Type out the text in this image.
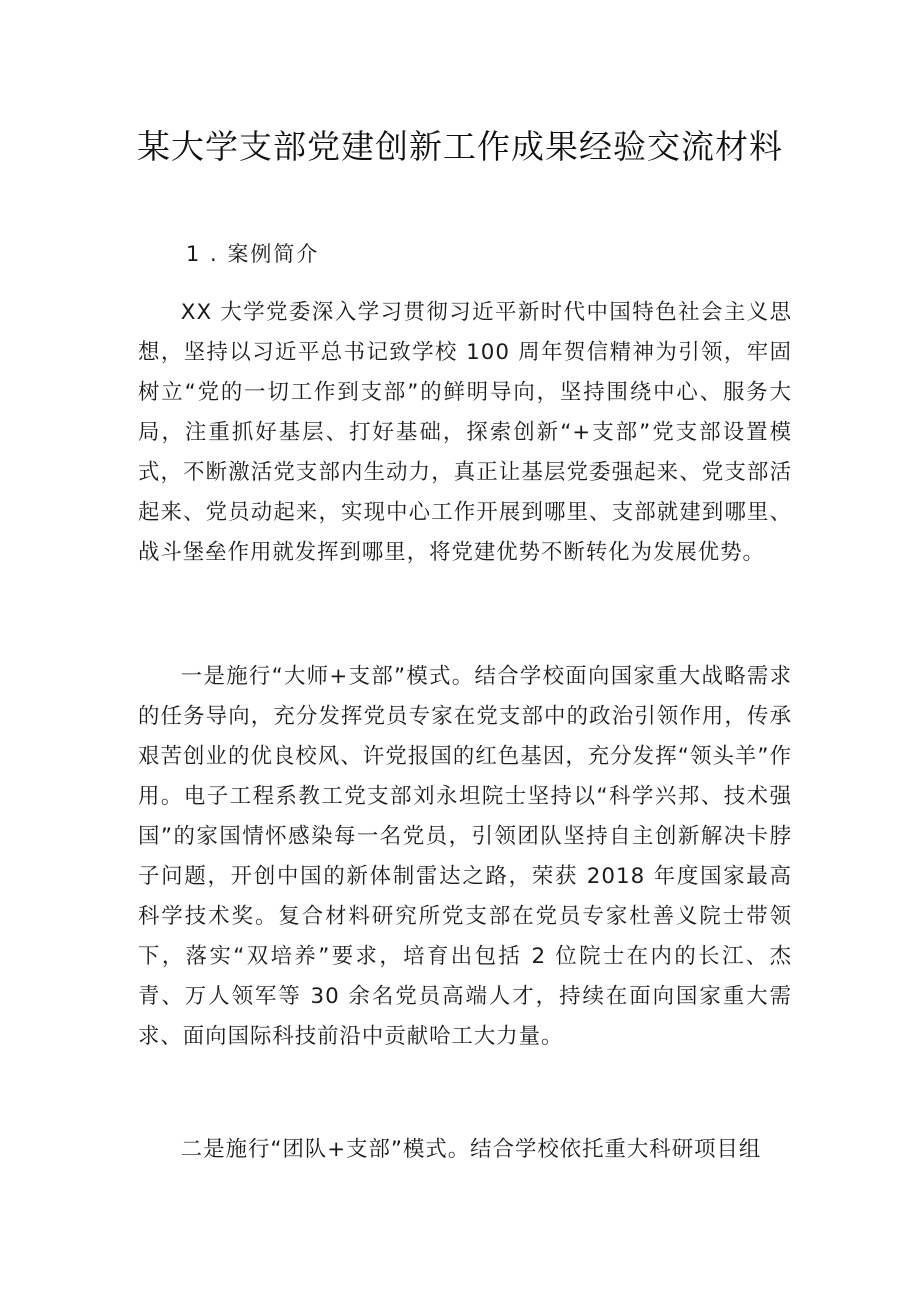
某大学支部党建创新工作成果经验交流材料

1 . 案例简介

XX 大学党委深入学习贯彻习近平新时代中国特色社会主义思想，坚持以习近平总书记致学校 100 周年贺信精神为引领，牢固树立“党的一切工作到支部”的鲜明导向，坚持围绕中心、服务大局，注重抓好基层、打好基础，探索创新“+支部”党支部设置模式，不断激活党支部内生动力，真正让基层党委强起来、党支部活起来、党员动起来，实现中心工作开展到哪里、支部就建到哪里、战斗堡垒作用就发挥到哪里，将党建优势不断转化为发展优势。

一是施行“大师+支部”模式。结合学校面向国家重大战略需求的任务导向，充分发挥党员专家在党支部中的政治引领作用，传承艰苦创业的优良校风、许党报国的红色基因，充分发挥“领头羊”作用。电子工程系教工党支部刘永坦院士坚持以“科学兴邦、技术强国”的家国情怀感染每一名党员，引领团队坚持自主创新解决卡脖子问题，开创中国的新体制雷达之路，荣获 2018 年度国家最高科学技术奖。复合材料研究所党支部在党员专家杜善义院士带领下，落实“双培养”要求，培育出包括 2 位院士在内的长江、杰青、万人领军等 30 余名党员高端人才，持续在面向国家重大需求、面向国际科技前沿中贡献哈工大力量。

二是施行“团队+支部”模式。结合学校依托重大科研项目组
